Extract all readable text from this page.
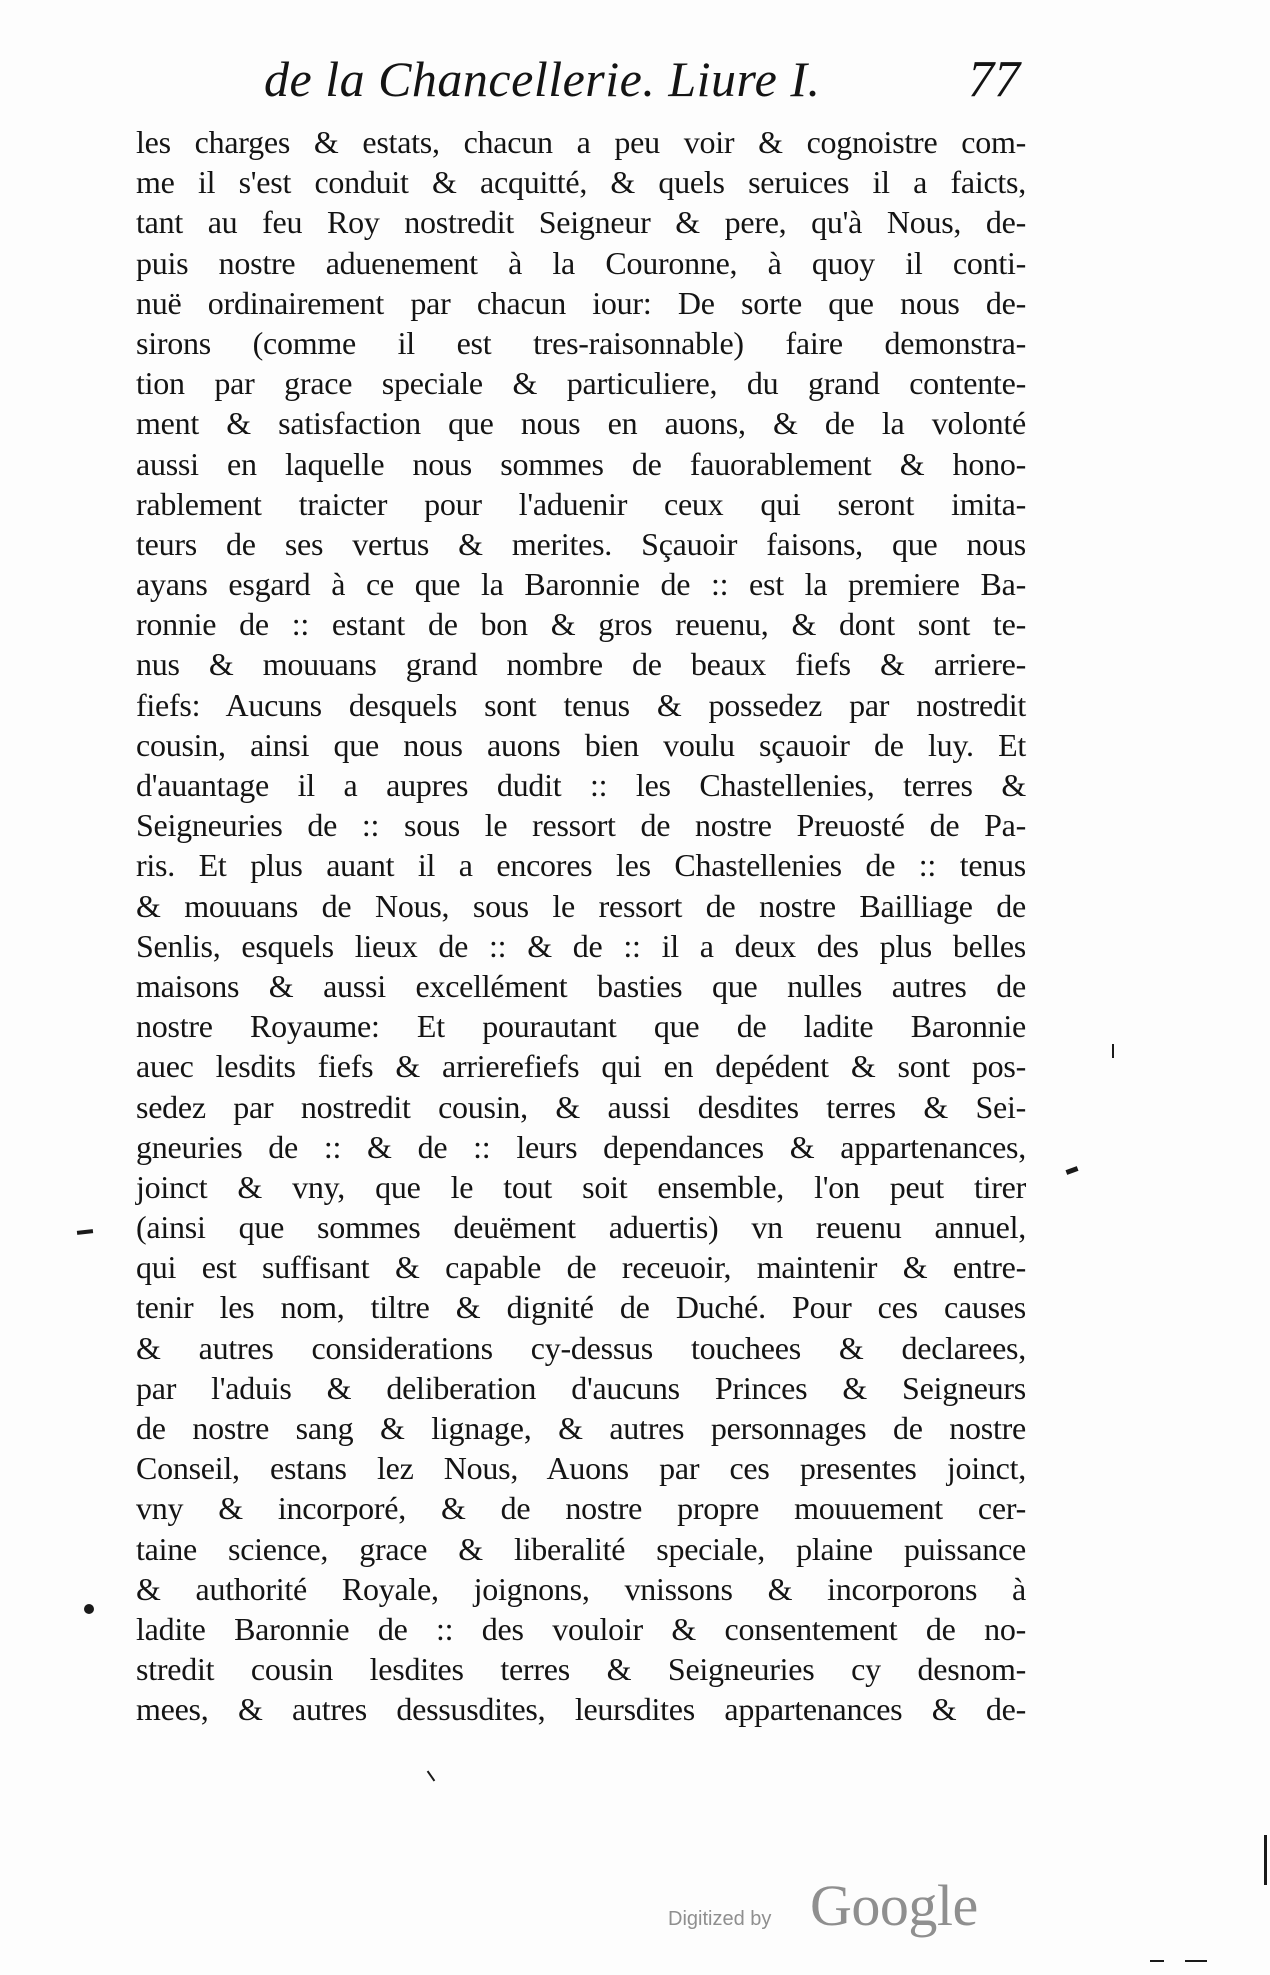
de la Chancellerie. Liure I.	77
les charges & estats, chacun a peu voir & cognoistre com-
me il s'est conduit & acquitté, & quels seruices il a faicts,
tant au feu Roy nostredit Seigneur & pere, qu'à Nous, de-
puis nostre aduenement à la Couronne, à quoy il conti-
nuë ordinairement par chacun iour: De sorte que nous de-
sirons (comme il est tres-raisonnable) faire demonstra-
tion par grace speciale & particuliere, du grand contente-
ment & satisfaction que nous en auons, & de la volonté
aussi en laquelle nous sommes de fauorablement & hono-
rablement traicter pour l'aduenir ceux qui seront imita-
teurs de ses vertus & merites. Sçauoir faisons, que nous
ayans esgard à ce que la Baronnie de :: est la premiere Ba-
ronnie de :: estant de bon & gros reuenu, & dont sont te-
nus & mouuans grand nombre de beaux fiefs & arriere-
fiefs: Aucuns desquels sont tenus & possedez par nostredit
cousin, ainsi que nous auons bien voulu sçauoir de luy. Et
d'auantage il a aupres dudit :: les Chastellenies, terres &
Seigneuries de :: sous le ressort de nostre Preuosté de Pa-
ris. Et plus auant il a encores les Chastellenies de :: tenus
& mouuans de Nous, sous le ressort de nostre Bailliage de
Senlis, esquels lieux de :: & de :: il a deux des plus belles
maisons & aussi excellément basties que nulles autres de
nostre Royaume: Et pourautant que de ladite Baronnie
auec lesdits fiefs & arrierefiefs qui en depédent & sont pos-
sedez par nostredit cousin, & aussi desdites terres & Sei-
gneuries de :: & de :: leurs dependances & appartenances,
joinct & vny, que le tout soit ensemble, l'on peut tirer
(ainsi que sommes deuëment aduertis) vn reuenu annuel,
qui est suffisant & capable de receuoir, maintenir & entre-
tenir les nom, tiltre & dignité de Duché. Pour ces causes
& autres considerations cy-dessus touchees & declarees,
par l'aduis & deliberation d'aucuns Princes & Seigneurs
de nostre sang & lignage, & autres personnages de nostre
Conseil, estans lez Nous, Auons par ces presentes joinct,
vny & incorporé, & de nostre propre mouuement cer-
taine science, grace & liberalité speciale, plaine puissance
& authorité Royale, joignons, vnissons & incorporons à
ladite Baronnie de :: des vouloir & consentement de no-
stredit cousin lesdites terres & Seigneuries cy desnom-
mees, & autres dessusdites, leursdites appartenances & de-
Digitized by Google
